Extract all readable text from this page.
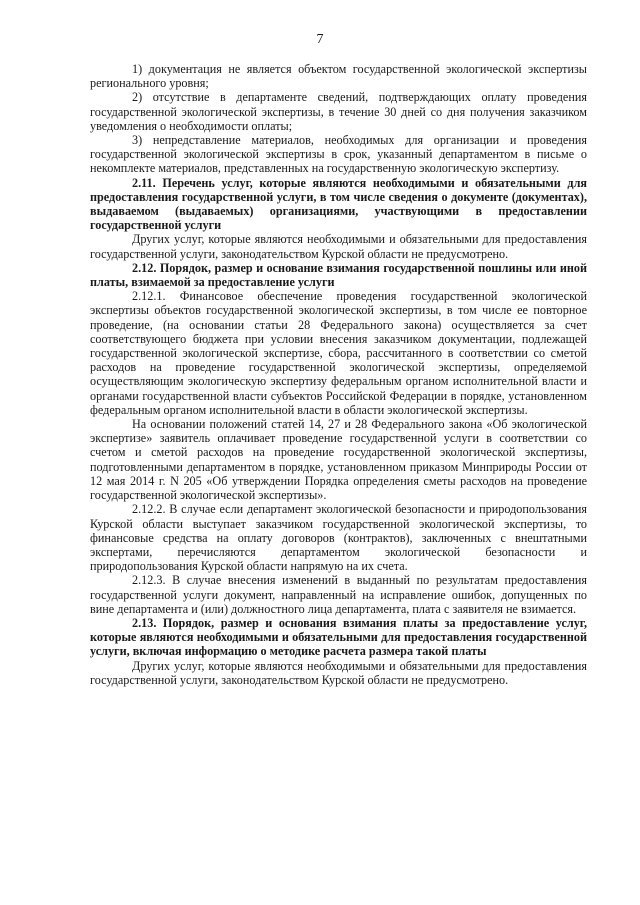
7

1) документация не является объектом государственной экологической экспертизы регионального уровня;

2) отсутствие в департаменте сведений, подтверждающих оплату проведения государственной экологической экспертизы, в течение 30 дней со дня получения заказчиком уведомления о необходимости оплаты;

3) непредставление материалов, необходимых для организации и проведения государственной экологической экспертизы в срок, указанный департаментом в письме о некомплекте материалов, представленных на государственную экологическую экспертизу.

2.11. Перечень услуг, которые являются необходимыми и обязательными для предоставления государственной услуги, в том числе сведения о документе (документах), выдаваемом (выдаваемых) организациями, участвующими в предоставлении государственной услуги

Других услуг, которые являются необходимыми и обязательными для предоставления государственной услуги, законодательством Курской области не предусмотрено.

2.12. Порядок, размер и основание взимания государственной пошлины или иной платы, взимаемой за предоставление услуги

2.12.1. Финансовое обеспечение проведения государственной экологической экспертизы объектов государственной экологической экспертизы, в том числе ее повторное проведение, (на основании статьи 28 Федерального закона) осуществляется за счет соответствующего бюджета при условии внесения заказчиком документации, подлежащей государственной экологической экспертизе, сбора, рассчитанного в соответствии со сметой расходов на проведение государственной экологической экспертизы, определяемой осуществляющим экологическую экспертизу федеральным органом исполнительной власти и органами государственной власти субъектов Российской Федерации в порядке, установленном федеральным органом исполнительной власти в области экологической экспертизы.

На основании положений статей 14, 27 и 28 Федерального закона «Об экологической экспертизе» заявитель оплачивает проведение государственной услуги в соответствии со счетом и сметой расходов на проведение государственной экологической экспертизы, подготовленными департаментом в порядке, установленном приказом Минприроды России от 12 мая 2014 г. N 205 «Об утверждении Порядка определения сметы расходов на проведение государственной экологической экспертизы».

2.12.2. В случае если департамент экологической безопасности и природопользования Курской области выступает заказчиком государственной экологической экспертизы, то финансовые средства на оплату договоров (контрактов), заключенных с внештатными экспертами, перечисляются департаментом экологической безопасности и природопользования Курской области напрямую на их счета.

2.12.3. В случае внесения изменений в выданный по результатам предоставления государственной услуги документ, направленный на исправление ошибок, допущенных по вине департамента и (или) должностного лица департамента, плата с заявителя не взимается.

2.13. Порядок, размер и основания взимания платы за предоставление услуг, которые являются необходимыми и обязательными для предоставления государственной услуги, включая информацию о методике расчета размера такой платы

Других услуг, которые являются необходимыми и обязательными для предоставления государственной услуги, законодательством Курской области не предусмотрено.
